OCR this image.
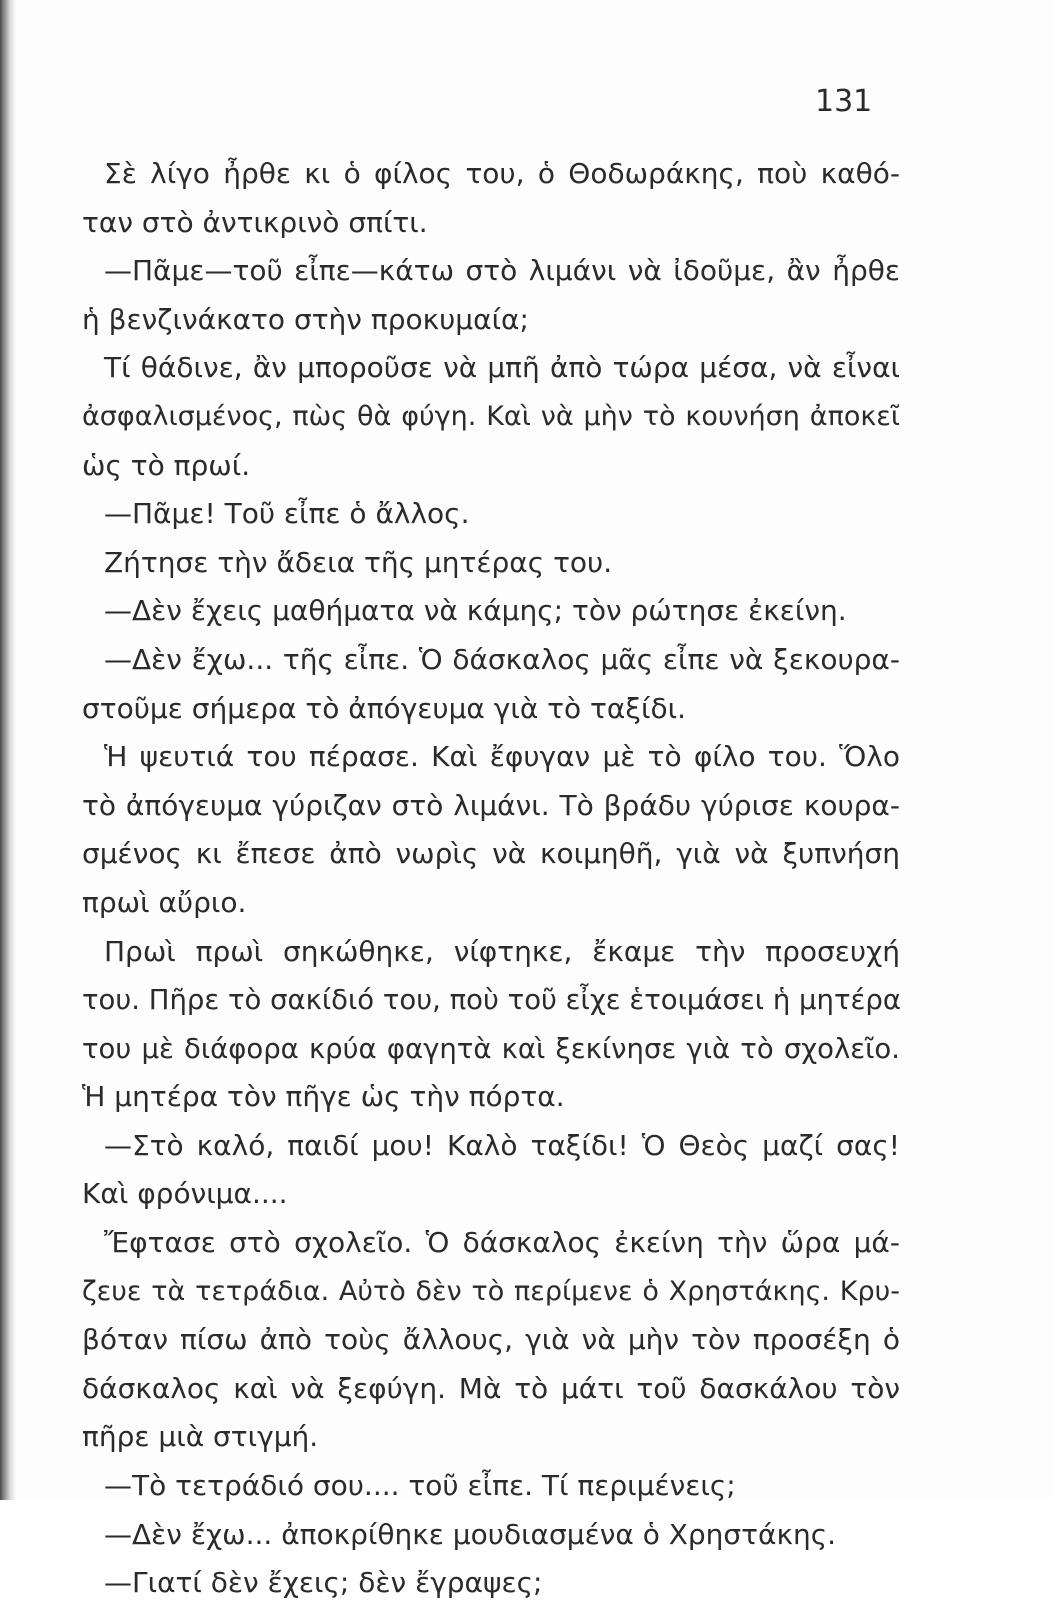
131
Σὲ λίγο ἦρθε κι ὁ φίλος του, ὁ Θοδωράκης, ποὺ καθό-
ταν στὸ ἀντικρινὸ σπίτι.
—Πᾶμε—τοῦ εἶπε—κάτω στὸ λιμάνι νὰ ἰδοῦμε, ἂν ἦρθε
ἡ βενζινάκατο στὴν προκυμαία;
Τί θάδινε, ἂν μποροῦσε νὰ μπῆ ἀπὸ τώρα μέσα, νὰ εἶναι
ἀσφαλισμένος, πὼς θὰ φύγη. Καὶ νὰ μὴν τὸ κουνήση ἀποκεῖ
ὡς τὸ πρωί.
—Πᾶμε! Τοῦ εἶπε ὁ ἄλλος.
Ζήτησε τὴν ἄδεια τῆς μητέρας του.
—Δὲν ἔχεις μαθήματα νὰ κάμης; τὸν ρώτησε ἐκείνη.
—Δὲν ἔχω... τῆς εἶπε. Ὁ δάσκαλος μᾶς εἶπε νὰ ξεκουρα-
στοῦμε σήμερα τὸ ἀπόγευμα γιὰ τὸ ταξίδι.
Ἡ ψευτιά του πέρασε. Καὶ ἔφυγαν μὲ τὸ φίλο του. Ὅλο
τὸ ἀπόγευμα γύριζαν στὸ λιμάνι. Τὸ βράδυ γύρισε κουρα-
σμένος κι ἔπεσε ἀπὸ νωρὶς νὰ κοιμηθῆ, γιὰ νὰ ξυπνήση
πρωὶ αὔριο.
Πρωὶ πρωὶ σηκώθηκε, νίφτηκε, ἔκαμε τὴν προσευχή
του. Πῆρε τὸ σακίδιό του, ποὺ τοῦ εἶχε ἑτοιμάσει ἡ μητέρα
του μὲ διάφορα κρύα φαγητὰ καὶ ξεκίνησε γιὰ τὸ σχολεῖο.
Ἡ μητέρα τὸν πῆγε ὡς τὴν πόρτα.
—Στὸ καλό, παιδί μου! Καλὸ ταξίδι! Ὁ Θεὸς μαζί σας!
Καὶ φρόνιμα....
Ἔφτασε στὸ σχολεῖο. Ὁ δάσκαλος ἐκείνη τὴν ὥρα μά-
ζευε τὰ τετράδια. Αὐτὸ δὲν τὸ περίμενε ὁ Χρηστάκης. Κρυ-
βόταν πίσω ἀπὸ τοὺς ἄλλους, γιὰ νὰ μὴν τὸν προσέξη ὁ
δάσκαλος καὶ νὰ ξεφύγη. Μὰ τὸ μάτι τοῦ δασκάλου τὸν
πῆρε μιὰ στιγμή.
—Τὸ τετράδιό σου.... τοῦ εἶπε. Τί περιμένεις;
—Δὲν ἔχω... ἀποκρίθηκε μουδιασμένα ὁ Χρηστάκης.
—Γιατί δὲν ἔχεις; δὲν ἔγραψες;
